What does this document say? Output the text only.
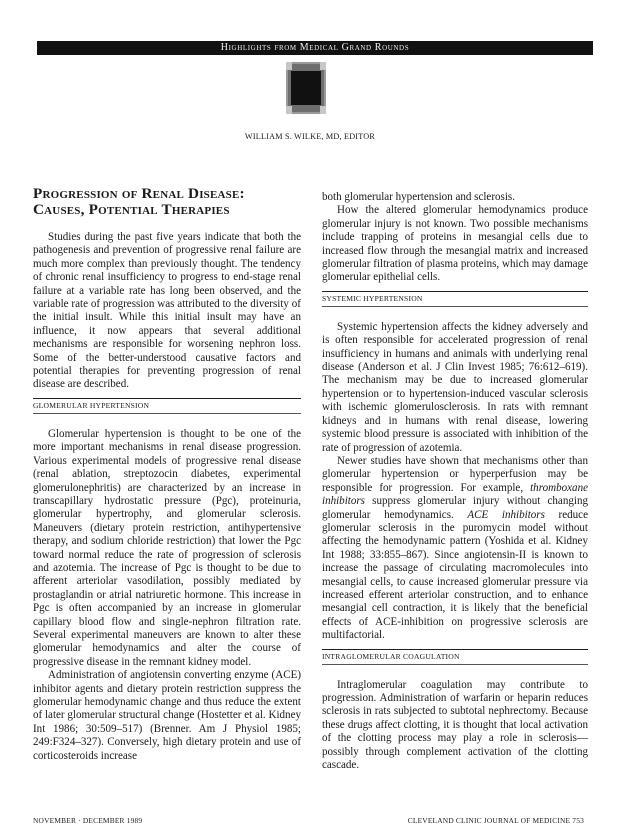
Highlights from Medical Grand Rounds
WILLIAM S. WILKE, MD, EDITOR
Progression of Renal Disease:
Causes, Potential Therapies

Studies during the past five years indicate that both the pathogenesis and prevention of progressive renal failure are much more complex than previously thought. The tendency of chronic renal insufficiency to progress to end-stage renal failure at a variable rate has long been observed, and the variable rate of progression was attributed to the diversity of the initial insult. While this initial insult may have an influence, it now appears that several additional mechanisms are responsible for worsening nephron loss. Some of the better-understood causative factors and potential therapies for preventing progression of renal disease are described.

GLOMERULAR HYPERTENSION

Glomerular hypertension is thought to be one of the more important mechanisms in renal disease progression. Various experimental models of progressive renal disease (renal ablation, streptozocin diabetes, experimental glomerulonephritis) are characterized by an increase in transcapillary hydrostatic pressure (Pgc), proteinuria, glomerular hypertrophy, and glomerular sclerosis. Maneuvers (dietary protein restriction, antihypertensive therapy, and sodium chloride restriction) that lower the Pgc toward normal reduce the rate of progression of sclerosis and azotemia. The increase of Pgc is thought to be due to afferent arteriolar vasodilation, possibly mediated by prostaglandin or atrial natriuretic hormone. This increase in Pgc is often accompanied by an increase in glomerular capillary blood flow and single-nephron filtration rate. Several experimental maneuvers are known to alter these glomerular hemodynamics and alter the course of progressive disease in the remnant kidney model.

Administration of angiotensin converting enzyme (ACE) inhibitor agents and dietary protein restriction suppress the glomerular hemodynamic change and thus reduce the extent of later glomerular structural change (Hostetter et al. Kidney Int 1986; 30:509–517) (Brenner. Am J Physiol 1985; 249:F324–327). Conversely, high dietary protein and use of corticosteroids increase

both glomerular hypertension and sclerosis.

How the altered glomerular hemodynamics produce glomerular injury is not known. Two possible mechanisms include trapping of proteins in mesangial cells due to increased flow through the mesangial matrix and increased glomerular filtration of plasma proteins, which may damage glomerular epithelial cells.

SYSTEMIC HYPERTENSION

Systemic hypertension affects the kidney adversely and is often responsible for accelerated progression of renal insufficiency in humans and animals with underlying renal disease (Anderson et al. J Clin Invest 1985; 76:612–619). The mechanism may be due to increased glomerular hypertension or to hypertension-induced vascular sclerosis with ischemic glomerulosclerosis. In rats with remnant kidneys and in humans with renal disease, lowering systemic blood pressure is associated with inhibition of the rate of progression of azotemia.

Newer studies have shown that mechanisms other than glomerular hypertension or hyperperfusion may be responsible for progression. For example, thromboxane inhibitors suppress glomerular injury without changing glomerular hemodynamics. ACE inhibitors reduce glomerular sclerosis in the puromycin model without affecting the hemodynamic pattern (Yoshida et al. Kidney Int 1988; 33:855–867). Since angiotensin-II is known to increase the passage of circulating macromolecules into mesangial cells, to cause increased glomerular pressure via increased efferent arteriolar construction, and to enhance mesangial cell contraction, it is likely that the beneficial effects of ACE-inhibition on progressive sclerosis are multifactorial.

INTRAGLOMERULAR COAGULATION

Intraglomerular coagulation may contribute to progression. Administration of warfarin or heparin reduces sclerosis in rats subjected to subtotal nephrectomy. Because these drugs affect clotting, it is thought that local activation of the clotting process may play a role in sclerosis—possibly through complement activation of the clotting cascade.

NOVEMBER · DECEMBER 1989	CLEVELAND CLINIC JOURNAL OF MEDICINE 753
